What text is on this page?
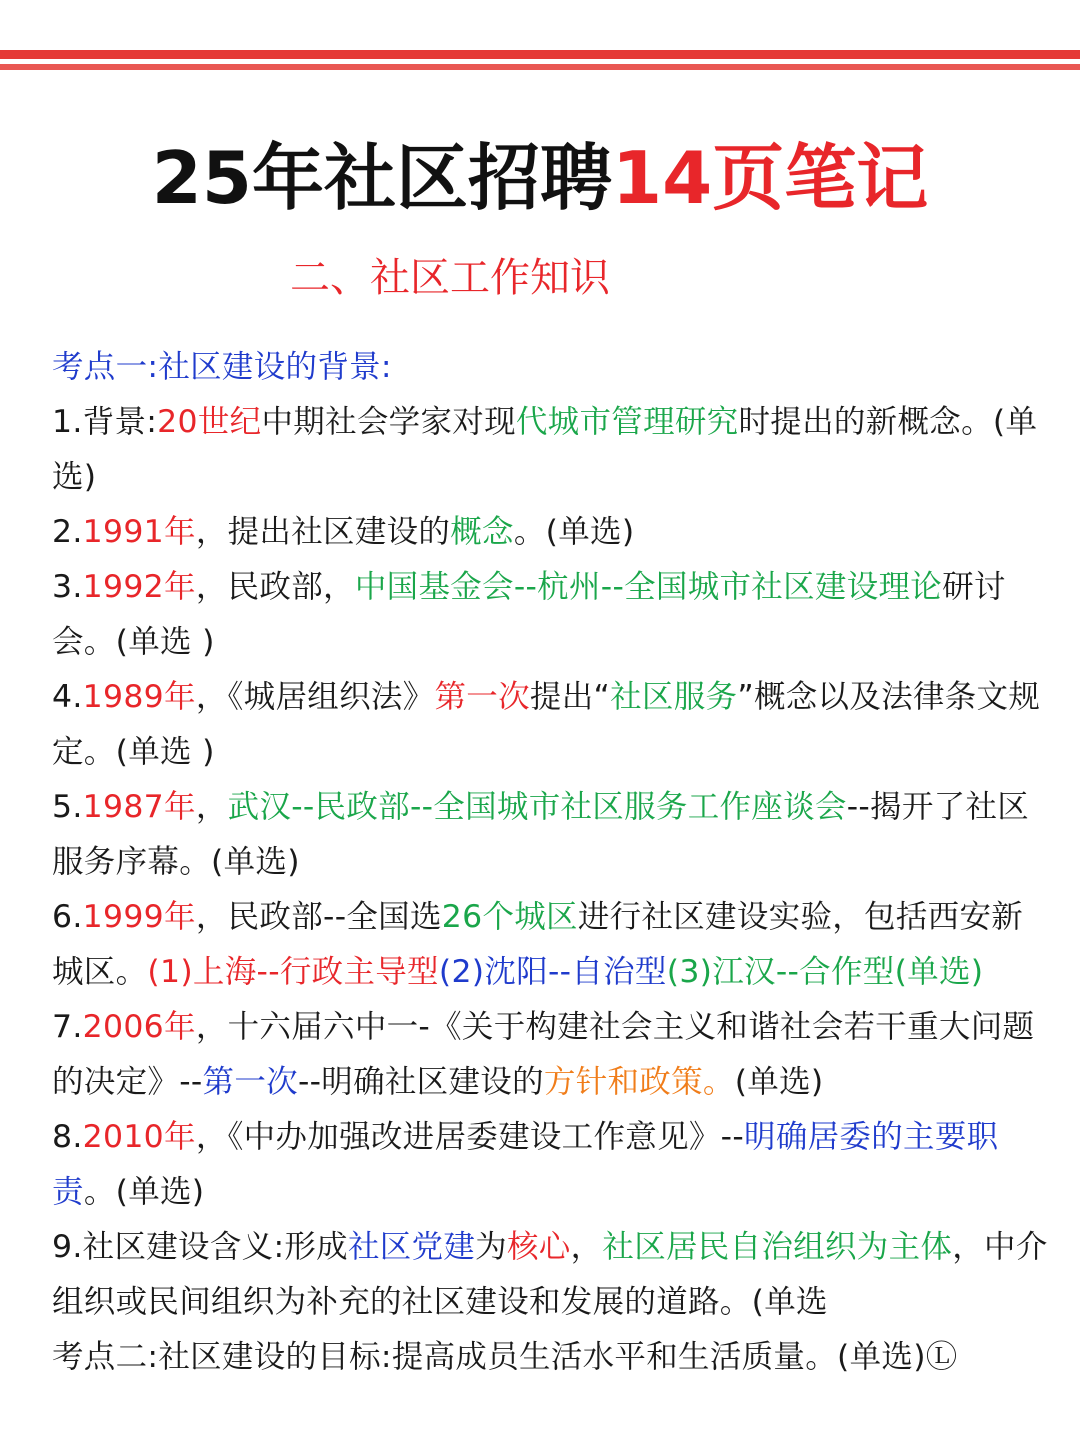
25年社区招聘14页笔记
二、社区工作知识

考点一:社区建设的背景:

1.背景:20世纪中期社会学家对现代城市管理研究时提出的新概念。(单选)

2.1991年，提出社区建设的概念。(单选)

3.1992年，民政部，中国基金会--杭州--全国城市社区建设理论研讨会。(单选 )

4.1989年，《城居组织法》第一次提出“社区服务”概念以及法律条文规定。(单选 )

5.1987年，武汉--民政部--全国城市社区服务工作座谈会--揭开了社区服务序幕。(单选)

6.1999年，民政部--全国选26个城区进行社区建设实验，包括西安新城区。(1)上海--行政主导型(2)沈阳--自治型(3)江汉--合作型(单选)

7.2006年，十六届六中一-《关于构建社会主义和谐社会若干重大问题的决定》--第一次--明确社区建设的方针和政策。(单选)

8.2010年，《中办加强改进居委建设工作意见》--明确居委的主要职责。(单选)

9.社区建设含义:形成社区党建为核心，社区居民自治组织为主体，中介组织或民间组织为补充的社区建设和发展的道路。(单选

考点二:社区建设的目标:提高成员生活水平和生活质量。(单选)Ⓛ
